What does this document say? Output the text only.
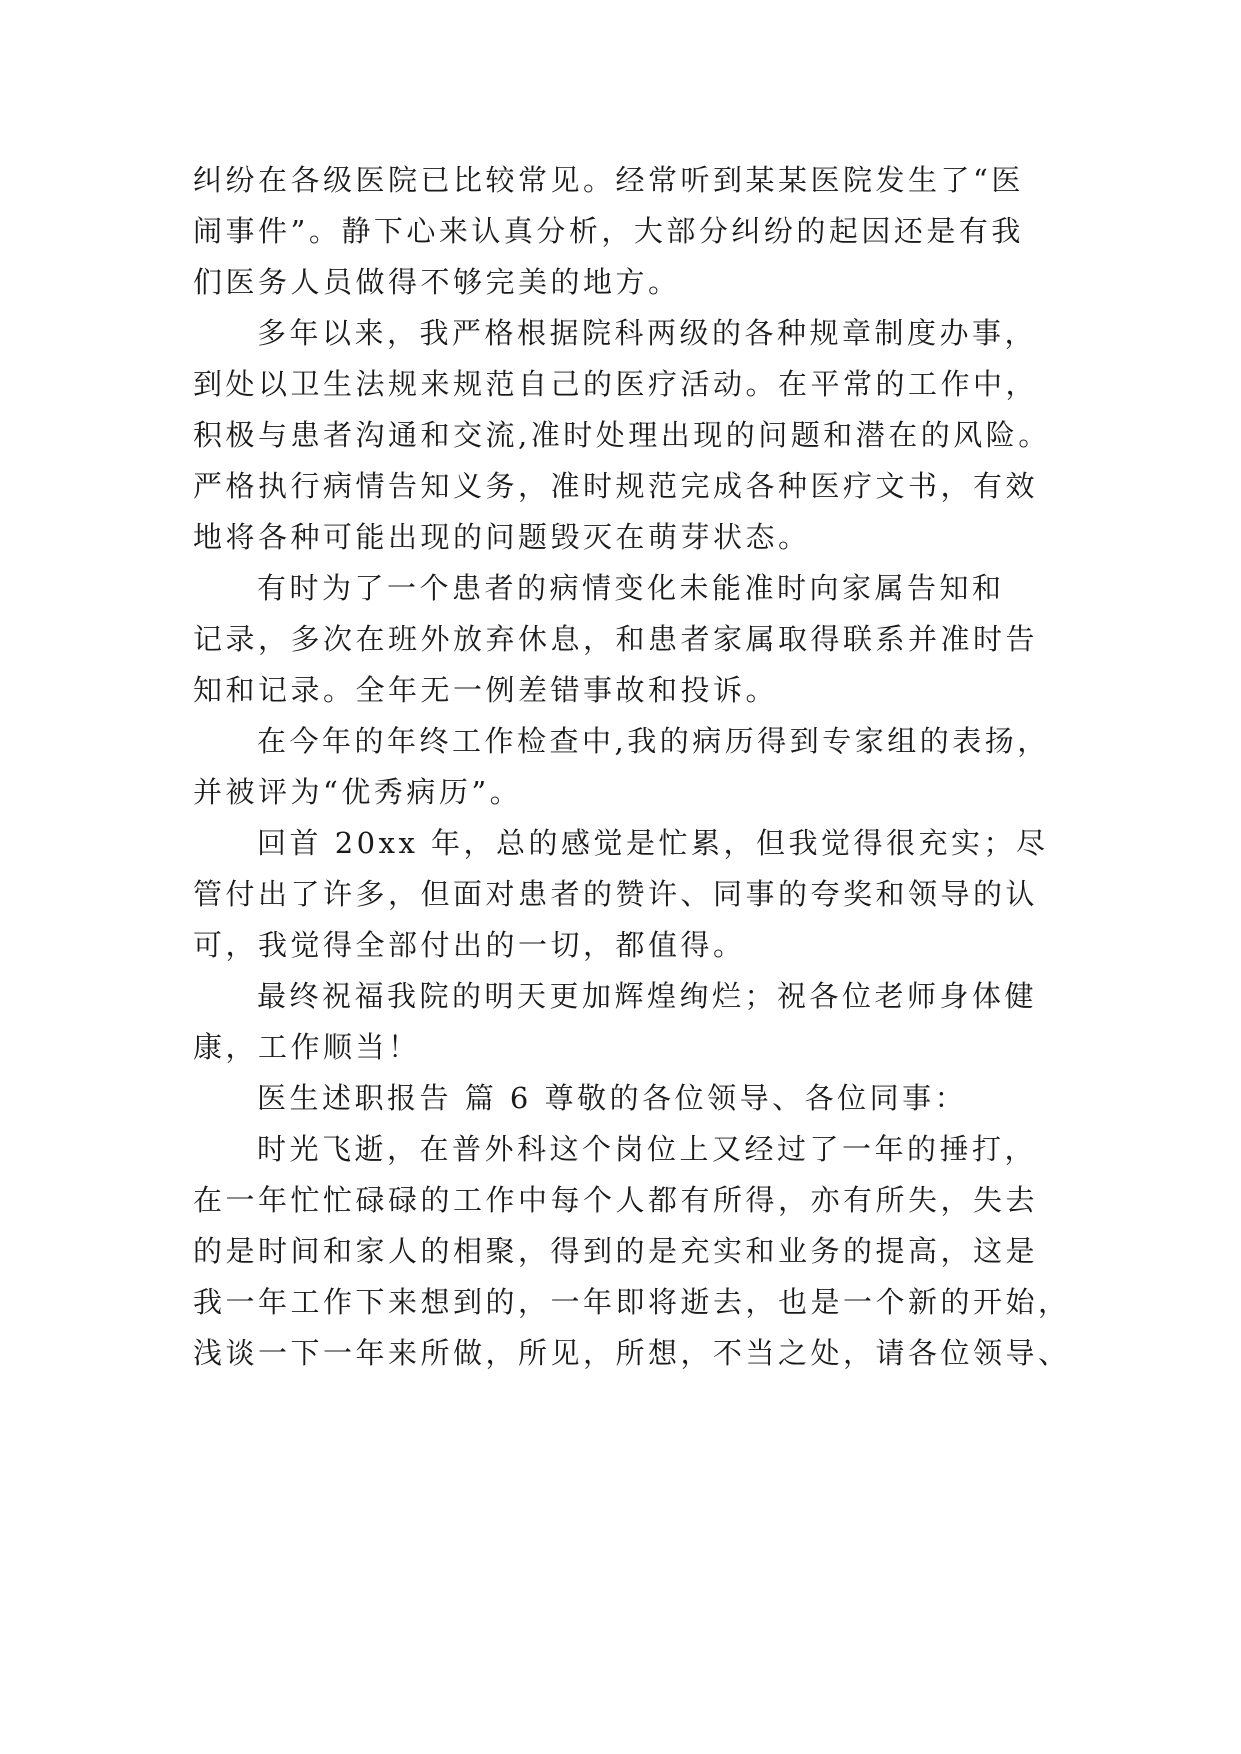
纠纷在各级医院已比较常见。经常听到某某医院发生了“医
闹事件”。静下心来认真分析，大部分纠纷的起因还是有我
们医务人员做得不够完美的地方。
多年以来，我严格根据院科两级的各种规章制度办事，
到处以卫生法规来规范自己的医疗活动。在平常的工作中，
积极与患者沟通和交流,准时处理出现的问题和潜在的风险。
严格执行病情告知义务，准时规范完成各种医疗文书，有效
地将各种可能出现的问题毁灭在萌芽状态。
有时为了一个患者的病情变化未能准时向家属告知和
记录，多次在班外放弃休息，和患者家属取得联系并准时告
知和记录。全年无一例差错事故和投诉。
在今年的年终工作检查中,我的病历得到专家组的表扬，
并被评为“优秀病历”。
回首 20xx 年，总的感觉是忙累，但我觉得很充实；尽
管付出了许多，但面对患者的赞许、同事的夸奖和领导的认
可，我觉得全部付出的一切，都值得。
最终祝福我院的明天更加辉煌绚烂；祝各位老师身体健
康，工作顺当！
医生述职报告 篇 6 尊敬的各位领导、各位同事：
时光飞逝，在普外科这个岗位上又经过了一年的捶打，
在一年忙忙碌碌的工作中每个人都有所得，亦有所失，失去
的是时间和家人的相聚，得到的是充实和业务的提高，这是
我一年工作下来想到的，一年即将逝去，也是一个新的开始，
浅谈一下一年来所做，所见，所想，不当之处，请各位领导、
